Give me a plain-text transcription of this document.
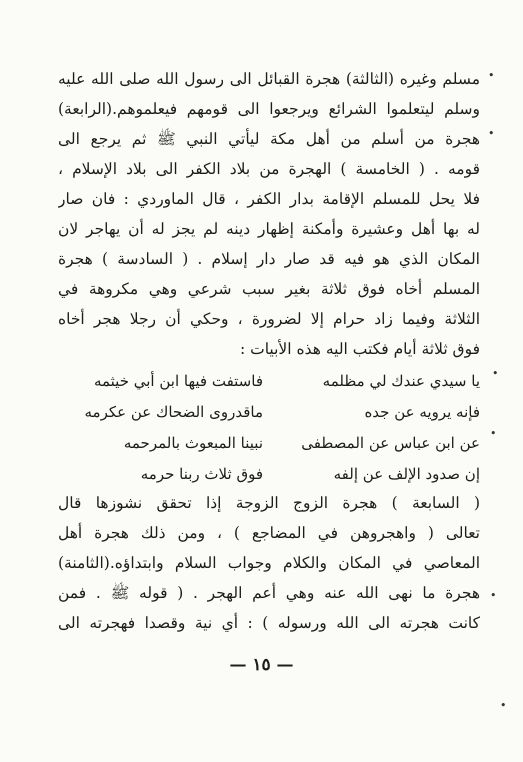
•
•
•
•
•
•
مسلم وغيره (الثالثة) هجرة القبائل الى رسول الله صلى الله عليه
وسلم ليتعلموا الشرائع ويرجعوا الى قومهم فيعلموهم.(الرابعة)
هجرة من أسلم من أهل مكة ليأتي النبي ﷺ ثم يرجع الى
قومه . ( الخامسة ) الهجرة من بلاد الكفر الى بلاد الإسلام ،
فلا يحل للمسلم الإقامة بدار الكفر ، قال الماوردي : فان صار
له بها أهل وعشيرة وأمكنة إظهار دينه لم يجز له أن يهاجر لان
المكان الذي هو فيه قد صار دار إسلام . ( السادسة ) هجرة
المسلم أخاه فوق ثلاثة بغير سبب شرعي وهي مكروهة في
الثلاثة وفيما زاد حرام إلا لضرورة ، وحكي أن رجلا هجر أخاه
فوق ثلاثة أيام فكتب اليه هذه الأبيات :
يا سيدي عندك لي مظلمه
فاستفت فيها ابن أبي خيثمه
فإنه يرويه عن جده
ماقدروى الضحاك عن عكرمه
عن ابن عباس عن المصطفى
نبينا المبعوث بالمرحمه
إن صدود الإلف عن إلفه
فوق ثلاث ربنا حرمه
( السابعة ) هجرة الزوج الزوجة إذا تحقق نشوزها قال
تعالى ( واهجروهن في المضاجع ) ، ومن ذلك هجرة أهل
المعاصي في المكان والكلام وجواب السلام وابتداؤه.(الثامنة)
هجرة ما نهى الله عنه وهي أعم الهجر . ( قوله ﷺ . فمن
كانت هجرته الى الله ورسوله ) : أي نية وقصدا فهجرته الى
— ١٥ —
